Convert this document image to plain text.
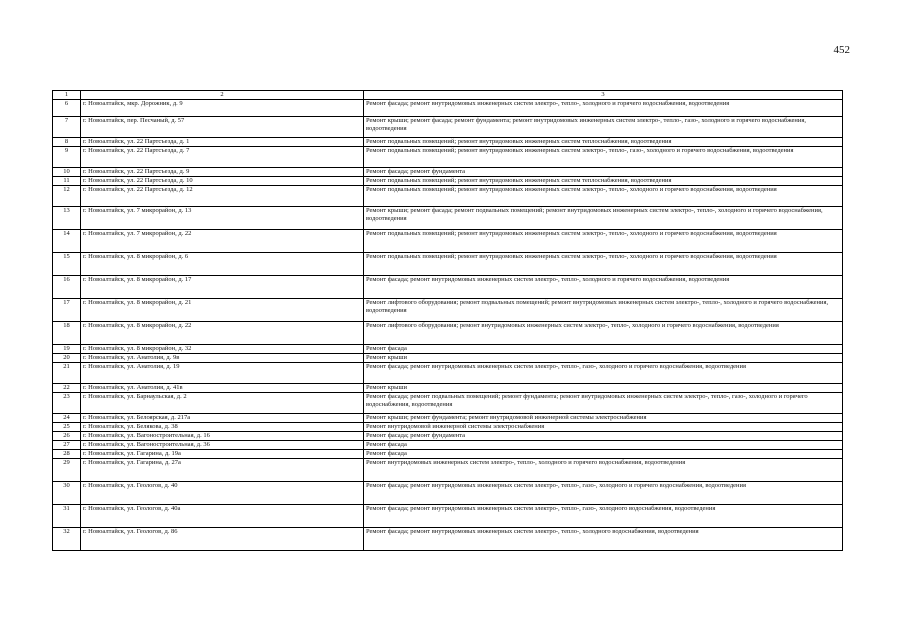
452
1	2	3
6	г. Новоалтайск, мкр. Дорожник, д. 9	Ремонт фасада; ремонт внутридомовых инженерных систем электро-, тепло-, холодного и горячего водоснабжения, водоотведения
7	г. Новоалтайск, пер. Песчаный, д. 57	Ремонт крыши; ремонт фасада; ремонт фундамента; ремонт внутридомовых инженерных систем электро-, тепло-, газо-, холодного и горячего водоснабжения, водоотведения
8	г. Новоалтайск, ул. 22 Партсъезда, д. 1	Ремонт подвальных помещений; ремонт внутридомовых инженерных систем теплоснабжения, водоотведения
9	г. Новоалтайск, ул. 22 Партсъезда, д. 7	Ремонт подвальных помещений; ремонт внутридомовых инженерных систем электро-, тепло-, газо-, холодного и горячего водоснабжения, водоотведения
10	г. Новоалтайск, ул. 22 Партсъезда, д. 9	Ремонт фасада; ремонт фундамента
11	г. Новоалтайск, ул. 22 Партсъезда, д. 10	Ремонт подвальных помещений; ремонт внутридомовых инженерных систем теплоснабжения, водоотведения
12	г. Новоалтайск, ул. 22 Партсъезда, д. 12	Ремонт подвальных помещений; ремонт внутридомовых инженерных систем электро-, тепло-, холодного и горячего водоснабжения, водоотведения
13	г. Новоалтайск, ул. 7 микрорайон, д. 13	Ремонт крыши; ремонт фасада; ремонт подвальных помещений; ремонт внутридомовых инженерных систем электро-, тепло-, холодного и горячего водоснабжения, водоотведения
14	г. Новоалтайск, ул. 7 микрорайон, д. 22	Ремонт подвальных помещений; ремонт внутридомовых инженерных систем электро-, тепло-, холодного и горячего водоснабжения, водоотведения
15	г. Новоалтайск, ул. 8 микрорайон, д. 6	Ремонт подвальных помещений; ремонт внутридомовых инженерных систем электро-, тепло-, холодного и горячего водоснабжения, водоотведения
16	г. Новоалтайск, ул. 8 микрорайон, д. 17	Ремонт фасада; ремонт внутридомовых инженерных систем электро-, тепло-, холодного и горячего водоснабжения, водоотведения
17	г. Новоалтайск, ул. 8 микрорайон, д. 21	Ремонт лифтового оборудования; ремонт подвальных помещений; ремонт внутридомовых инженерных систем электро-, тепло-, холодного и горячего водоснабжения, водоотведения
18	г. Новоалтайск, ул. 8 микрорайон, д. 22	Ремонт лифтового оборудования; ремонт внутридомовых инженерных систем электро-, тепло-, холодного и горячего водоснабжения, водоотведения
19	г. Новоалтайск, ул. 8 микрорайон, д. 32	Ремонт фасада
20	г. Новоалтайск, ул. Анатолия, д. 9в	Ремонт крыши
21	г. Новоалтайск, ул. Анатолия, д. 19	Ремонт фасада; ремонт внутридомовых инженерных систем электро-, тепло-, газо-, холодного и горячего водоснабжения, водоотведения
22	г. Новоалтайск, ул. Анатолия, д. 41в	Ремонт крыши
23	г. Новоалтайск, ул. Барнаульская, д. 2	Ремонт фасада; ремонт подвальных помещений; ремонт фундамента; ремонт внутридомовых инженерных систем электро-, тепло-, газо-, холодного и горячего водоснабжения, водоотведения
24	г. Новоалтайск, ул. Белоярская, д. 217а	Ремонт крыши; ремонт фундамента; ремонт внутридомовой инженерной системы электроснабжения
25	г. Новоалтайск, ул. Белякова, д. 38	Ремонт внутридомовой инженерной системы электроснабжения
26	г. Новоалтайск, ул. Вагоностроительная, д. 16	Ремонт фасада; ремонт фундамента
27	г. Новоалтайск, ул. Вагоностроительная, д. 36	Ремонт фасада
28	г. Новоалтайск, ул. Гагарина, д. 19а	Ремонт фасада
29	г. Новоалтайск, ул. Гагарина, д. 27а	Ремонт внутридомовых инженерных систем электро-, тепло-, холодного и горячего водоснабжения, водоотведения
30	г. Новоалтайск, ул. Геологов, д. 40	Ремонт фасада; ремонт внутридомовых инженерных систем электро-, тепло-, газо-, холодного и горячего водоснабжения, водоотведения
31	г. Новоалтайск, ул. Геологов, д. 40а	Ремонт фасада; ремонт внутридомовых инженерных систем электро-, тепло-, газо-, холодного водоснабжения, водоотведения
32	г. Новоалтайск, ул. Геологов, д. 86	Ремонт фасада; ремонт внутридомовых инженерных систем электро-, тепло-, холодного водоснабжения, водоотведения
